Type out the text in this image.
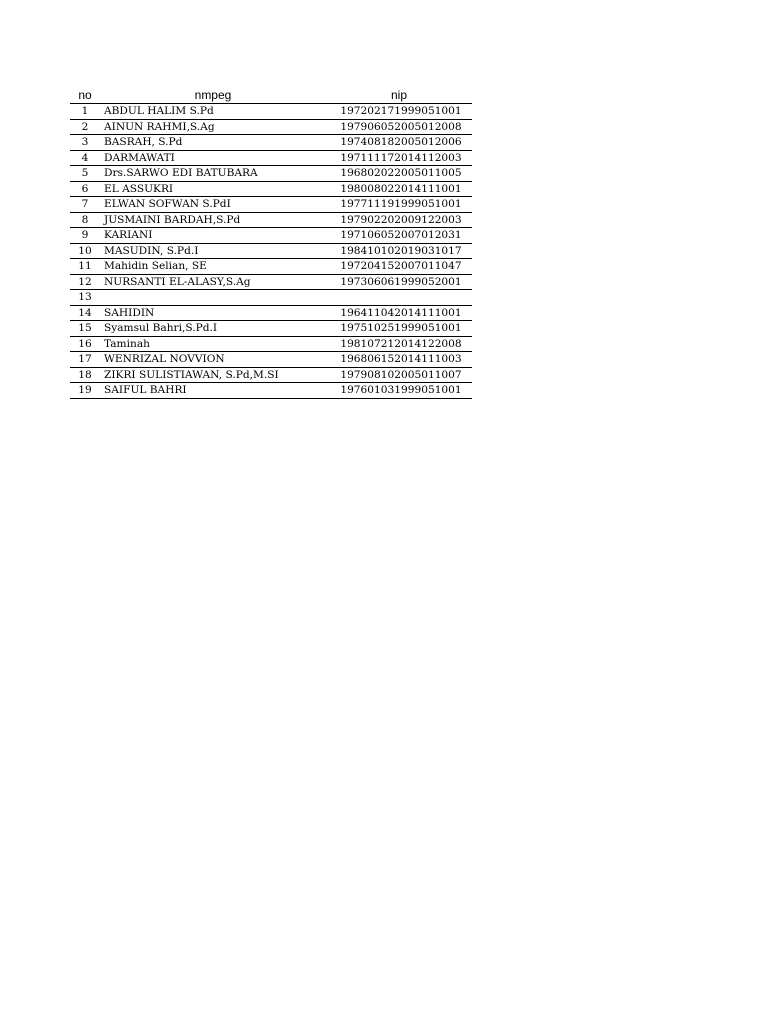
no	nmpeg	nip
1	ABDUL HALIM S.Pd	197202171999051001
2	AINUN RAHMI,S.Ag	197906052005012008
3	BASRAH, S.Pd	197408182005012006
4	DARMAWATI	197111172014112003
5	Drs.SARWO EDI BATUBARA	196802022005011005
6	EL ASSUKRI	198008022014111001
7	ELWAN SOFWAN S.PdI	197711191999051001
8	JUSMAINI BARDAH,S.Pd	197902202009122003
9	KARIANI	197106052007012031
10	MASUDIN, S.Pd.I	198410102019031017
11	Mahidin Selian, SE	197204152007011047
12	NURSANTI EL-ALASY,S.Ag	197306061999052001
13		
14	SAHIDIN	196411042014111001
15	Syamsul Bahri,S.Pd.I	197510251999051001
16	Taminah	198107212014122008
17	WENRIZAL NOVVION	196806152014111003
18	ZIKRI SULISTIAWAN, S.Pd,M.SI	197908102005011007
19	SAIFUL BAHRI	197601031999051001
